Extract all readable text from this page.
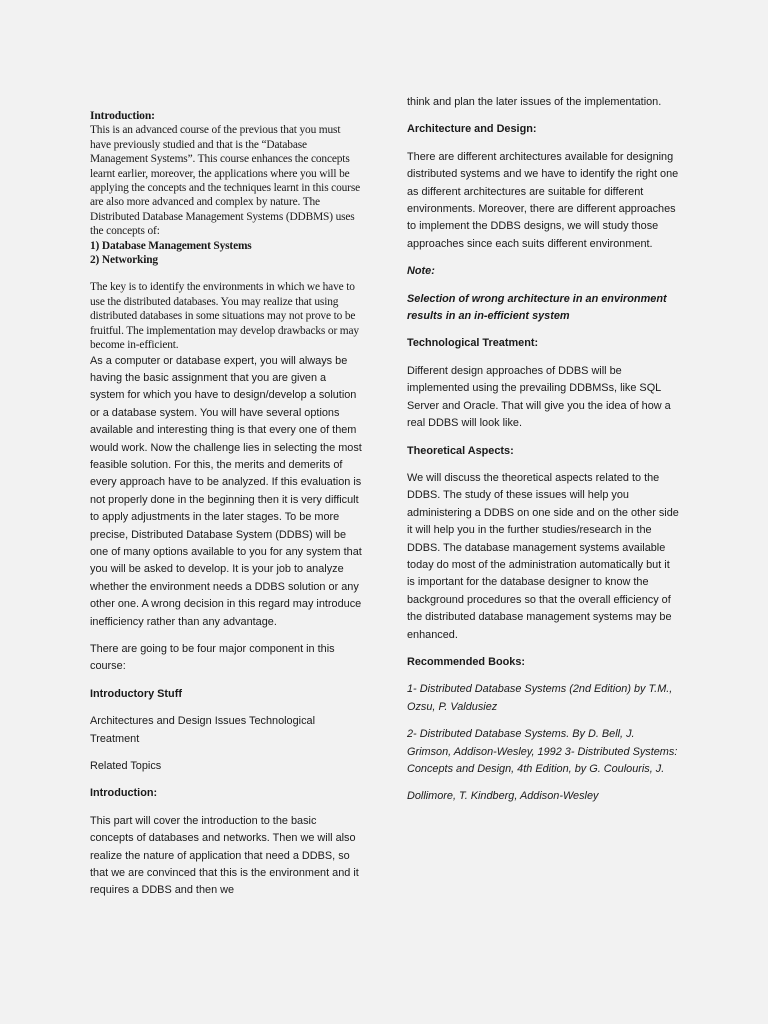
Introduction:

This is an advanced course of the previous that you must have previously studied and that is the “Database Management Systems”. This course enhances the concepts learnt earlier, moreover, the applications where you will be applying the concepts and the techniques learnt in this course are also more advanced and complex by nature. The Distributed Database Management Systems (DDBMS) uses the concepts of:

1) Database Management Systems

2) Networking

The key is to identify the environments in which we have to use the distributed databases. You may realize that using distributed databases in some situations may not prove to be fruitful. The implementation may develop drawbacks or may become in-efficient.

As a computer or database expert, you will always be having the basic assignment that you are given a system for which you have to design/develop a solution or a database system. You will have several options available and interesting thing is that every one of them would work. Now the challenge lies in selecting the most feasible solution. For this, the merits and demerits of every approach have to be analyzed. If this evaluation is not properly done in the beginning then it is very difficult to apply adjustments in the later stages. To be more precise, Distributed Database System (DDBS) will be one of many options available to you for any system that you will be asked to develop. It is your job to analyze whether the environment needs a DDBS solution or any other one. A wrong decision in this regard may introduce inefficiency rather than any advantage.

There are going to be four major component in this course:

Introductory Stuff

Architectures and Design Issues Technological Treatment

Related Topics

Introduction:

This part will cover the introduction to the basic concepts of databases and networks. Then we will also realize the nature of application that need a DDBS, so that we are convinced that this is the environment and it requires a DDBS and then we

think and plan the later issues of the implementation.

Architecture and Design:

There are different architectures available for designing distributed systems and we have to identify the right one as different architectures are suitable for different environments. Moreover, there are different approaches to implement the DDBS designs, we will study those approaches since each suits different environment.

Note:

Selection of wrong architecture in an environment results in an in-efficient system

Technological Treatment:

Different design approaches of DDBS will be implemented using the prevailing DDBMSs, like SQL Server and Oracle. That will give you the idea of how a real DDBS will look like.

Theoretical Aspects:

We will discuss the theoretical aspects related to the DDBS. The study of these issues will help you administering a DDBS on one side and on the other side it will help you in the further studies/research in the DDBS. The database management systems available today do most of the administration automatically but it is important for the database designer to know the background procedures so that the overall efficiency of the distributed database management systems may be enhanced.

Recommended Books:

1- Distributed Database Systems (2nd Edition) by T.M., Ozsu, P. Valdusiez

2- Distributed Database Systems. By D. Bell, J. Grimson, Addison-Wesley, 1992 3- Distributed Systems: Concepts and Design, 4th Edition, by G. Coulouris, J.

Dollimore, T. Kindberg, Addison-Wesley
